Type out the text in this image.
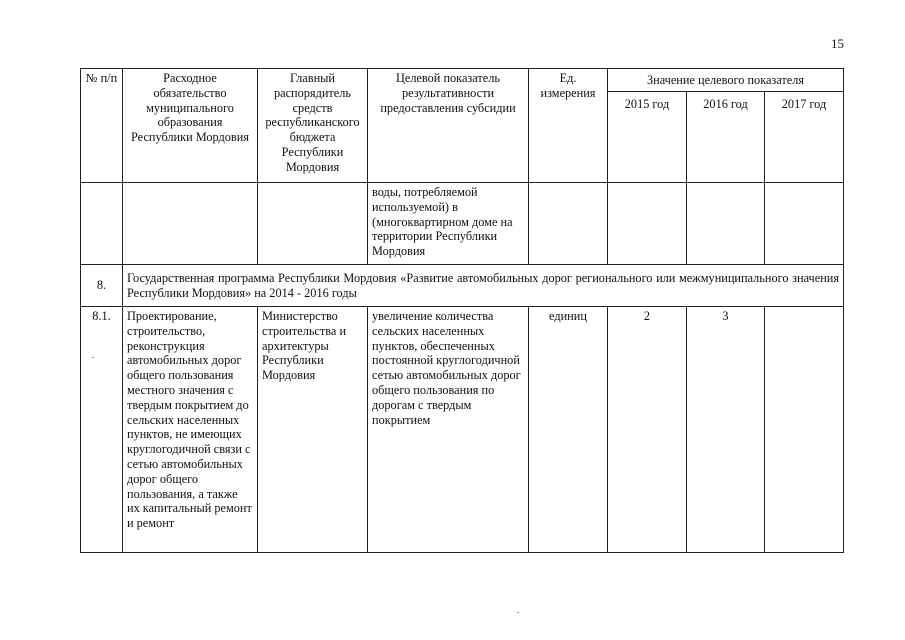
15
№ п/п	Расходное обязательство муниципального образования Республики Мордовия	Главный распорядитель средств республиканского бюджета Республики Мордовия	Целевой показатель результативности предоставления субсидии	Ед. измерения	Значение целевого показателя		
					2015 год	2016 год	2017 год
			воды, потребляемой используемой) в (многоквартирном доме на территории Республики Мордовия				
8.	Государственная программа Республики Мордовия «Развитие автомобильных дорог регионального или межмуниципального значения Республики Мордовия» на 2014 - 2016 годы						
8.1.	Проектирование, строительство, реконструкция автомобильных дорог общего пользования местного значения с твердым покрытием до сельских населенных пунктов, не имеющих круглогодичной связи с сетью автомобильных дорог общего пользования, а также их капитальный ремонт и ремонт	Министерство строительства и архитектуры Республики Мордовия	увеличение количества сельских населенных пунктов, обеспеченных постоянной круглогодичной сетью автомобильных дорог общего пользования по дорогам с твердым покрытием	единиц	2	3	
